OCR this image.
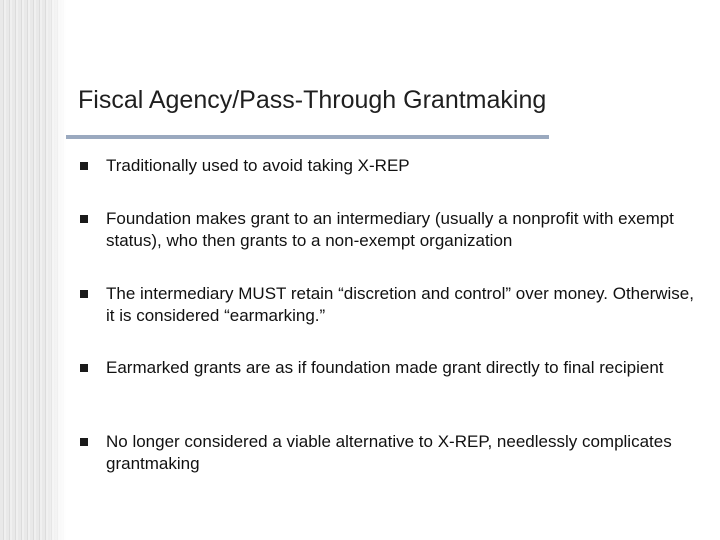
Fiscal Agency/Pass-Through Grantmaking
Traditionally used to avoid taking X-REP
Foundation makes grant to an intermediary (usually a nonprofit with exempt status), who then grants to a non-exempt organization
The intermediary MUST retain “discretion and control” over money. Otherwise, it is considered “earmarking.”
Earmarked grants are as if foundation made grant directly to final recipient
No longer considered a viable alternative to X-REP, needlessly complicates grantmaking
